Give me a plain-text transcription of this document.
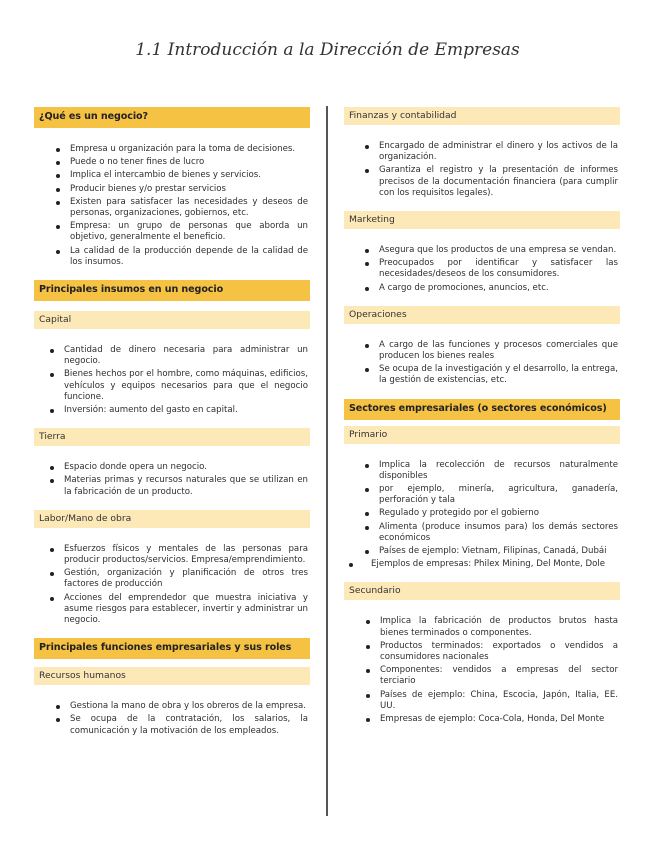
1.1 Introducción a la Dirección de Empresas
¿Qué es un negocio?
Empresa u organización para la toma de decisiones.
Puede o no tener fines de lucro
Implica el intercambio de bienes y servicios.
Producir bienes y/o prestar servicios
Existen para satisfacer las necesidades y deseos de personas, organizaciones, gobiernos, etc.
Empresa: un grupo de personas que aborda un objetivo, generalmente el beneficio.
La calidad de la producción depende de la calidad de los insumos.
Principales insumos en un negocio
Capital
Cantidad de dinero necesaria para administrar un negocio.
Bienes hechos por el hombre, como máquinas, edificios, vehículos y equipos necesarios para que el negocio funcione.
Inversión: aumento del gasto en capital.
Tierra
Espacio donde opera un negocio.
Materias primas y recursos naturales que se utilizan en la fabricación de un producto.
Labor/Mano de obra
Esfuerzos físicos y mentales de las personas para producir productos/servicios. Empresa/emprendimiento.
Gestión, organización y planificación de otros tres factores de producción
Acciones del emprendedor que muestra iniciativa y asume riesgos para establecer, invertir y administrar un negocio.
Principales funciones empresariales y sus roles
Recursos humanos
Gestiona la mano de obra y los obreros de la empresa.
Se ocupa de la contratación, los salarios, la comunicación y la motivación de los empleados.
Finanzas y contabilidad
Encargado de administrar el dinero y los activos de la organización.
Garantiza el registro y la presentación de informes precisos de la documentación financiera (para cumplir con los requisitos legales).
Marketing
Asegura que los productos de una empresa se vendan.
Preocupados por identificar y satisfacer las necesidades/deseos de los consumidores.
A cargo de promociones, anuncios, etc.
Operaciones
A cargo de las funciones y procesos comerciales que producen los bienes reales
Se ocupa de la investigación y el desarrollo, la entrega, la gestión de existencias, etc.
Sectores empresariales (o sectores económicos)
Primario
Implica la recolección de recursos naturalmente disponibles
por ejemplo, minería, agricultura, ganadería, perforación y tala
Regulado y protegido por el gobierno
Alimenta (produce insumos para) los demás sectores económicos
Países de ejemplo: Vietnam, Filipinas, Canadá, Dubái
Ejemplos de empresas: Philex Mining, Del Monte, Dole
Secundario
Implica la fabricación de productos brutos hasta bienes terminados o componentes.
Productos terminados: exportados o vendidos a consumidores nacionales
Componentes: vendidos a empresas del sector terciario
Países de ejemplo: China, Escocia, Japón, Italia, EE. UU.
Empresas de ejemplo: Coca-Cola, Honda, Del Monte
